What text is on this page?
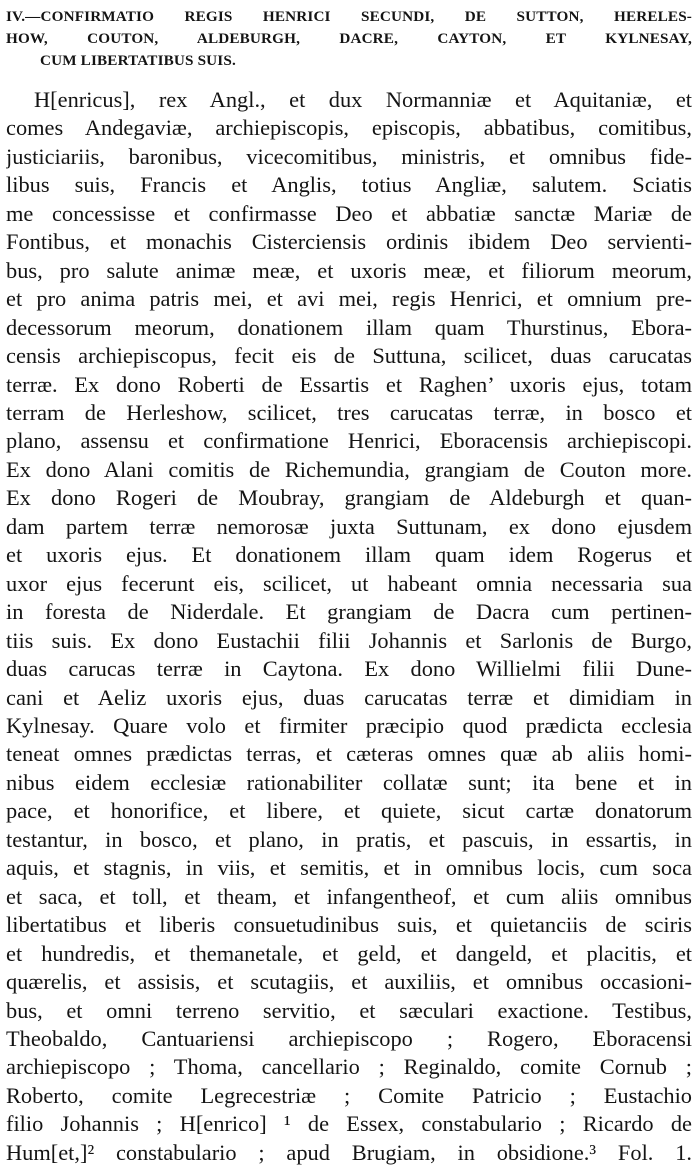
IV.—CONFIRMATIO REGIS HENRICI SECUNDI, DE SUTTON, HERELES-
HOW, COUTON, ALDEBURGH, DACRE, CAYTON, ET KYLNESAY,
CUM LIBERTATIBUS SUIS.
H[enricus], rex Angl., et dux Normanniæ et Aquitaniæ, et
comes Andegaviæ, archiepiscopis, episcopis, abbatibus, comitibus,
justiciariis, baronibus, vicecomitibus, ministris, et omnibus fide-
libus suis, Francis et Anglis, totius Angliæ, salutem. Sciatis
me concessisse et confirmasse Deo et abbatiæ sanctæ Mariæ de
Fontibus, et monachis Cisterciensis ordinis ibidem Deo servienti-
bus, pro salute animæ meæ, et uxoris meæ, et filiorum meorum,
et pro anima patris mei, et avi mei, regis Henrici, et omnium pre-
decessorum meorum, donationem illam quam Thurstinus, Ebora-
censis archiepiscopus, fecit eis de Suttuna, scilicet, duas carucatas
terræ. Ex dono Roberti de Essartis et Raghen’ uxoris ejus, totam
terram de Herleshow, scilicet, tres carucatas terræ, in bosco et
plano, assensu et confirmatione Henrici, Eboracensis archiepiscopi.
Ex dono Alani comitis de Richemundia, grangiam de Couton more.
Ex dono Rogeri de Moubray, grangiam de Aldeburgh et quan-
dam partem terræ nemorosæ juxta Suttunam, ex dono ejusdem
et uxoris ejus. Et donationem illam quam idem Rogerus et
uxor ejus fecerunt eis, scilicet, ut habeant omnia necessaria sua
in foresta de Niderdale. Et grangiam de Dacra cum pertinen-
tiis suis. Ex dono Eustachii filii Johannis et Sarlonis de Burgo,
duas carucas terræ in Caytona. Ex dono Willielmi filii Dune-
cani et Aeliz uxoris ejus, duas carucatas terræ et dimidiam in
Kylnesay. Quare volo et firmiter præcipio quod prædicta ecclesia
teneat omnes prædictas terras, et cæteras omnes quæ ab aliis homi-
nibus eidem ecclesiæ rationabiliter collatæ sunt; ita bene et in
pace, et honorifice, et libere, et quiete, sicut cartæ donatorum
testantur, in bosco, et plano, in pratis, et pascuis, in essartis, in
aquis, et stagnis, in viis, et semitis, et in omnibus locis, cum soca
et saca, et toll, et theam, et infangentheof, et cum aliis omnibus
libertatibus et liberis consuetudinibus suis, et quietanciis de sciris
et hundredis, et themanetale, et geld, et dangeld, et placitis, et
quærelis, et assisis, et scutagiis, et auxiliis, et omnibus occasioni-
bus, et omni terreno servitio, et sæculari exactione. Testibus,
Theobaldo, Cantuariensi archiepiscopo ; Rogero, Eboracensi
archiepiscopo ; Thoma, cancellario ; Reginaldo, comite Cornub ;
Roberto, comite Legrecestriæ ; Comite Patricio ; Eustachio
filio Johannis ; H[enrico] ¹ de Essex, constabulario ; Ricardo de
Hum[et,]² constabulario ; apud Brugiam, in obsidione.³ Fol. 1.
